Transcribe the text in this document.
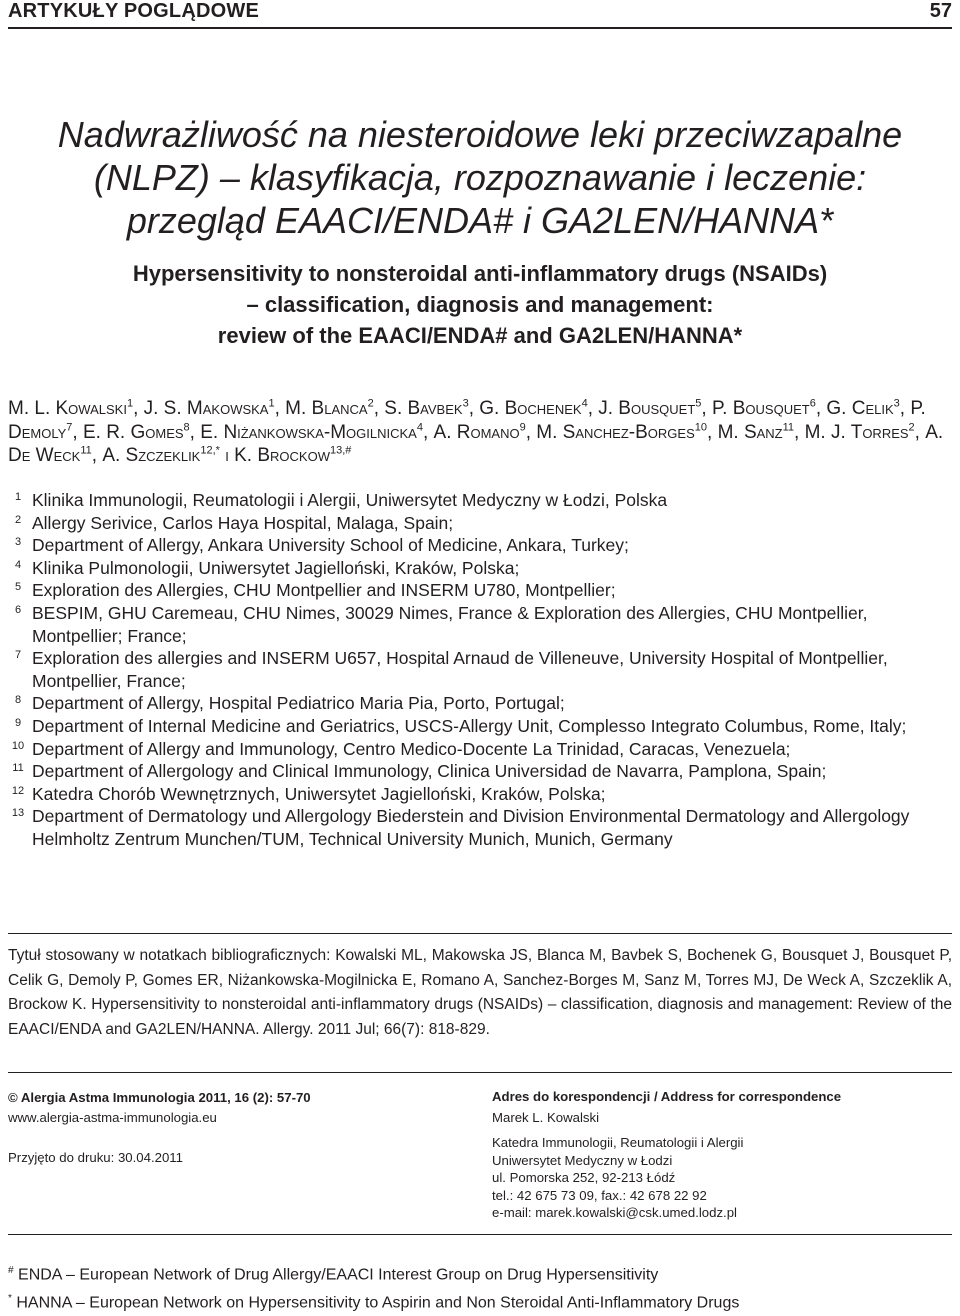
ARTYKUŁY POGLĄDOWE	57
Nadwrażliwość na niesteroidowe leki przeciwzapalne
(NLPZ) – klasyfikacja, rozpoznawanie i leczenie:
przegląd EAACI/ENDA# i GA2LEN/HANNA*
Hypersensitivity to nonsteroidal anti-inflammatory drugs (NSAIDs)
– classification, diagnosis and management:
review of the EAACI/ENDA# and GA2LEN/HANNA*
M. L. Kowalski$^1$, J. S. Makowska$^1$, M. Blanca$^2$, S. Bavbek$^3$, G. Bochenek$^4$, J. Bousquet$^5$, P. Bousquet$^6$, G. Celik$^3$, P. Demoly$^7$, E. R. Gomes$^8$, E. Niżankowska-Mogilnicka$^4$, A. Romano$^9$, M. Sanchez-Borges$^{10}$, M. Sanz$^{11}$, M. J. Torres$^2$, A. De Weck$^{11}$, A. Szczeklik$^{12,*}$ i K. Brockow$^{13,\#}$
1 Klinika Immunologii, Reumatologii i Alergii, Uniwersytet Medyczny w Łodzi, Polska
2 Allergy Serivice, Carlos Haya Hospital, Malaga, Spain;
3 Department of Allergy, Ankara University School of Medicine, Ankara, Turkey;
4 Klinika Pulmonologii, Uniwersytet Jagielloński, Kraków, Polska;
5 Exploration des Allergies, CHU Montpellier and INSERM U780, Montpellier;
6 BESPIM, GHU Caremeau, CHU Nimes, 30029 Nimes, France & Exploration des Allergies, CHU Montpellier, Montpellier; France;
7 Exploration des allergies and INSERM U657, Hospital Arnaud de Villeneuve, University Hospital of Montpellier, Montpellier, France;
8 Department of Allergy, Hospital Pediatrico Maria Pia, Porto, Portugal;
9 Department of Internal Medicine and Geriatrics, USCS-Allergy Unit, Complesso Integrato Columbus, Rome, Italy;
10 Department of Allergy and Immunology, Centro Medico-Docente La Trinidad, Caracas, Venezuela;
11 Department of Allergology and Clinical Immunology, Clinica Universidad de Navarra, Pamplona, Spain;
12 Katedra Chorób Wewnętrznych, Uniwersytet Jagielloński, Kraków, Polska;
13 Department of Dermatology und Allergology Biederstein and Division Environmental Dermatology and Allergology Helmholtz Zentrum Munchen/TUM, Technical University Munich, Munich, Germany
Tytuł stosowany w notatkach bibliograficznych: Kowalski ML, Makowska JS, Blanca M, Bavbek S, Bochenek G, Bousquet J, Bousquet P, Celik G, Demoly P, Gomes ER, Niżankowska-Mogilnicka E, Romano A, Sanchez-Borges M, Sanz M, Torres MJ, De Weck A, Szczeklik A, Brockow K. Hypersensitivity to nonsteroidal anti-inflammatory drugs (NSAIDs) – classification, diagnosis and management: Review of the EAACI/ENDA and GA2LEN/HANNA. Allergy. 2011 Jul; 66(7): 818-829.
© Alergia Astma Immunologia 2011, 16 (2): 57-70
www.alergia-astma-immunologia.eu
Przyjęto do druku: 30.04.2011
Adres do korespondencji / Address for correspondence
Marek L. Kowalski
Katedra Immunologii, Reumatologii i Alergii
Uniwersytet Medyczny w Łodzi
ul. Pomorska 252, 92-213 Łódź
tel.: 42 675 73 09, fax.: 42 678 22 92
e-mail: marek.kowalski@csk.umed.lodz.pl
# ENDA – European Network of Drug Allergy/EAACI Interest Group on Drug Hypersensitivity
* HANNA – European Network on Hypersensitivity to Aspirin and Non Steroidal Anti-Inflammatory Drugs
